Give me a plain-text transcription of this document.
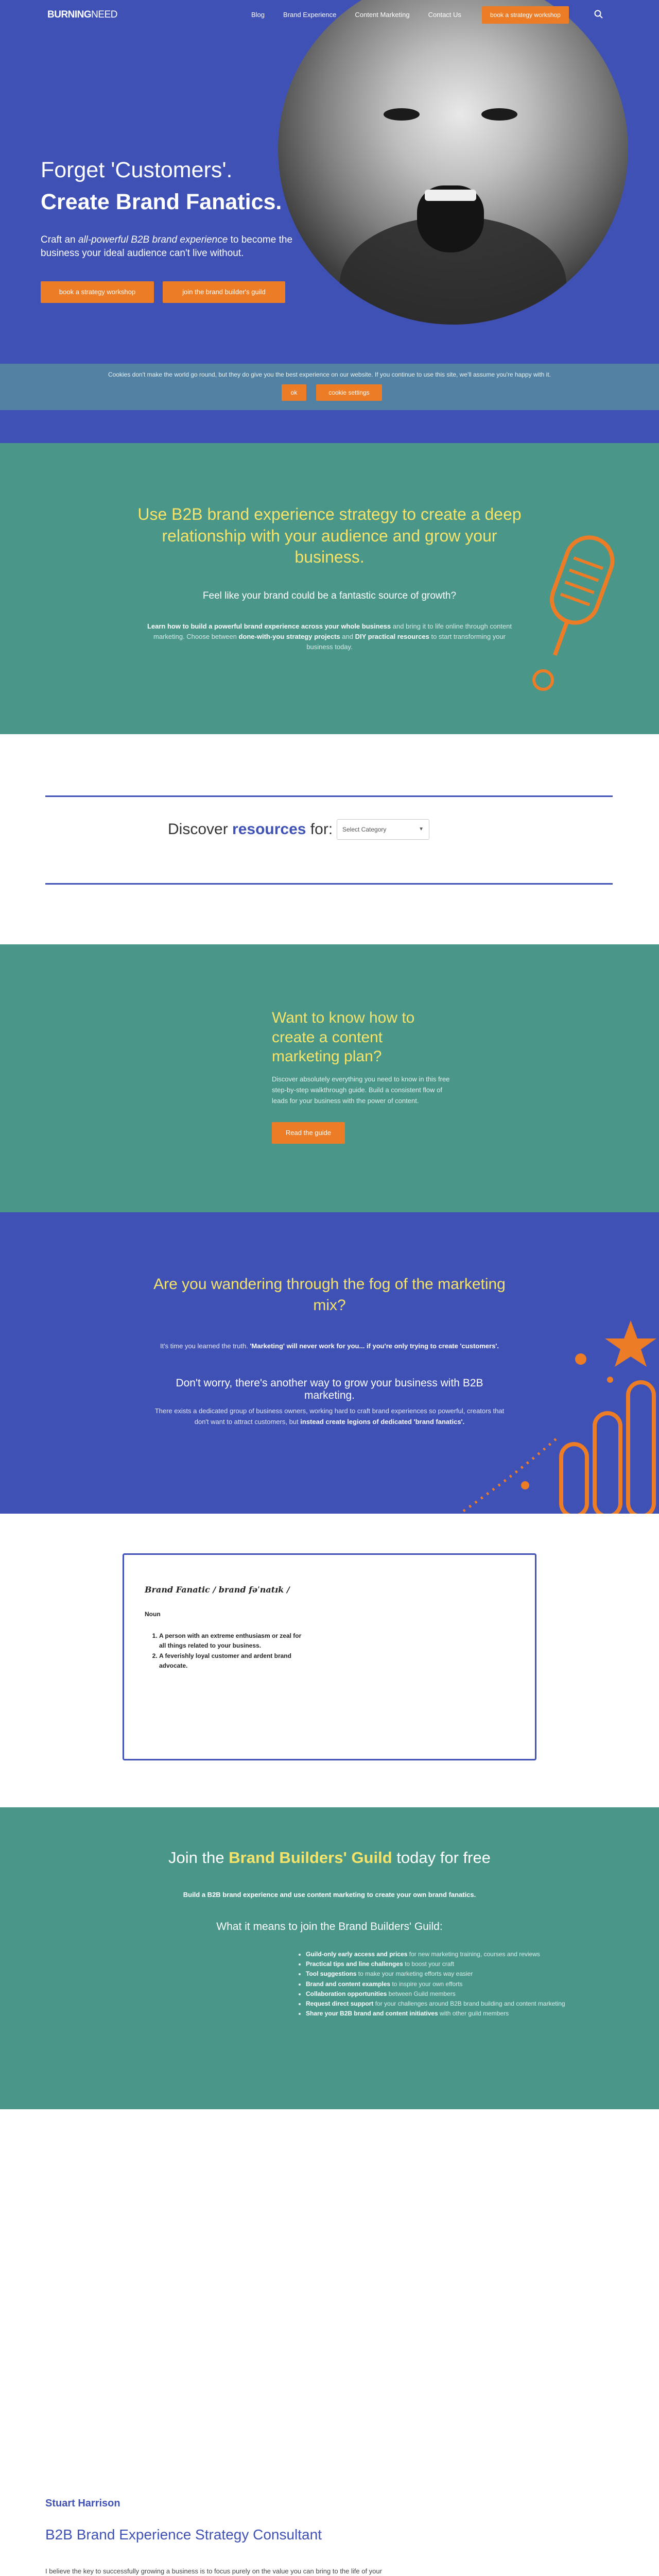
BURNINGNEED	Blog	Brand Experience	Content Marketing	Contact Us	book a strategy workshop
Forget 'Customers'.
Create Brand Fanatics.

Craft an all-powerful B2B brand experience to become the business your ideal audience can't live without.

book a strategy workshop	join the brand builder's guild

Cookies don't make the world go round, but they do give you the best experience on our website. If you continue to use this site, we'll assume you're happy with it.

ok	cookie settings
Use B2B brand experience strategy to create a deep relationship with your audience and grow your business.

Feel like your brand could be a fantastic source of growth?

Learn how to build a powerful brand experience across your whole business and bring it to life online through content marketing. Choose between done-with-you strategy projects and DIY practical resources to start transforming your business today.

Discover resources for:	Select Category	▼
Want to know how to create a content marketing plan?

Discover absolutely everything you need to know in this free step-by-step walkthrough guide. Build a consistent flow of leads for your business with the power of content.

Read the guide
Are you wandering through the fog of the marketing mix?

It's time you learned the truth. 'Marketing' will never work for you... if you're only trying to create 'customers'.

Don't worry, there's another way to grow your business with B2B marketing.

There exists a dedicated group of business owners, working hard to craft brand experiences so powerful, creators that don't want to attract customers, but instead create legions of dedicated 'brand fanatics'.

Brand Fanatic / brand fəˈnatɪk /

Noun

1. A person with an extreme enthusiasm or zeal for all things related to your business.
2. A feverishly loyal customer and ardent brand advocate.
Join the Brand Builders' Guild today for free

Build a B2B brand experience and use content marketing to create your own brand fanatics.

What it means to join the Brand Builders' Guild:
• Guild-only early access and prices for new marketing training, courses and reviews
• Practical tips and line challenges to boost your craft
• Tool suggestions to make your marketing efforts way easier
• Brand and content examples to inspire your own efforts
• Collaboration opportunities between Guild members
• Request direct support for your challenges around B2B brand building and content marketing
• Share your B2B brand and content initiatives with other guild members

Stuart Harrison

B2B Brand Experience Strategy Consultant

I believe the key to successfully growing a business is to focus purely on the value you can bring to the life of your
